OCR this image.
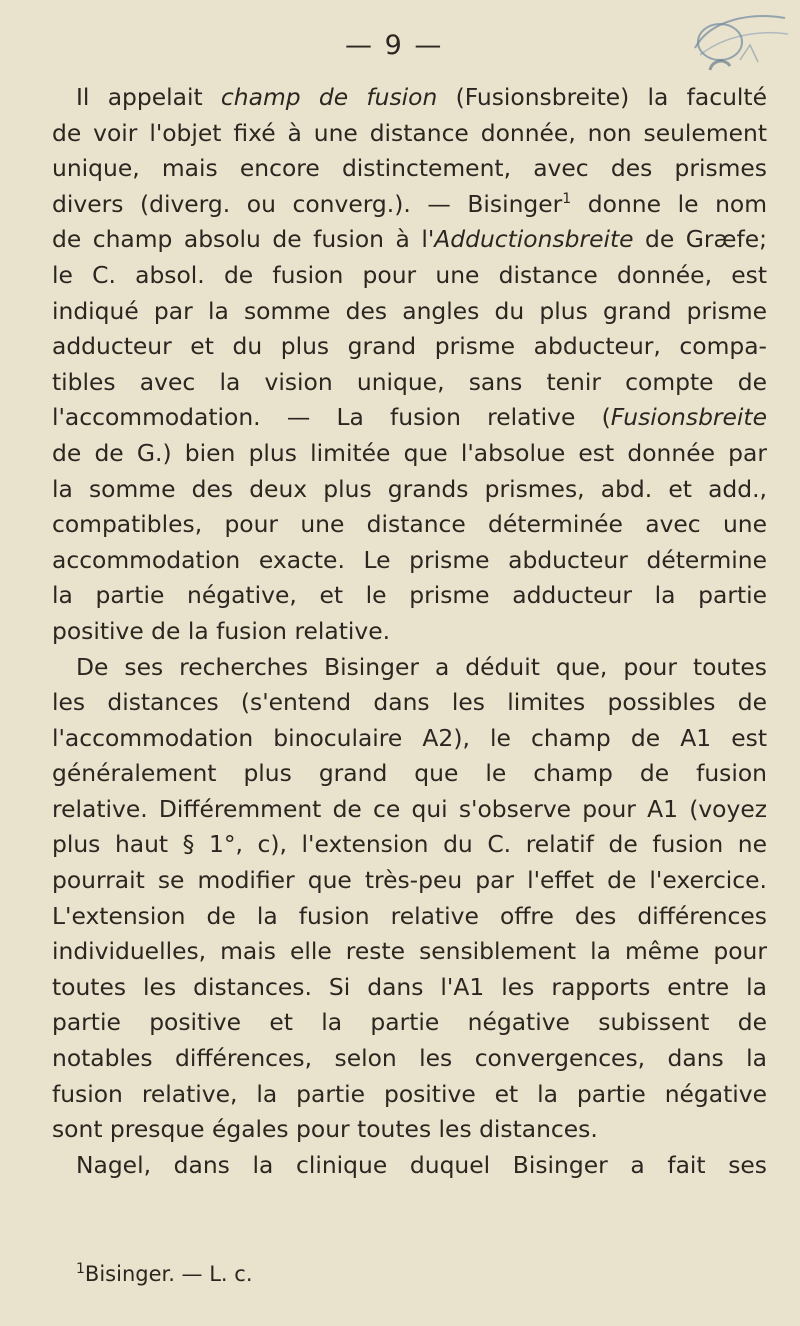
— 9 —
Il appelait champ de fusion (Fusionsbreite) la faculté
de voir l'objet fixé à une distance donnée, non seulement
unique, mais encore distinctement, avec des prismes
divers (diverg. ou converg.). — Bisinger$^1$ donne le nom
de champ absolu de fusion à l'Adductionsbreite de Græfe;
le C. absol. de fusion pour une distance donnée, est
indiqué par la somme des angles du plus grand prisme
adducteur et du plus grand prisme abducteur, compa-
tibles avec la vision unique, sans tenir compte de
l'accommodation. — La fusion relative (Fusionsbreite
de de G.) bien plus limitée que l'absolue est donnée par
la somme des deux plus grands prismes, abd. et add.,
compatibles, pour une distance déterminée avec une
accommodation exacte. Le prisme abducteur détermine
la partie négative, et le prisme adducteur la partie
positive de la fusion relative.
De ses recherches Bisinger a déduit que, pour toutes
les distances (s'entend dans les limites possibles de
l'accommodation binoculaire A2), le champ de A1 est
généralement plus grand que le champ de fusion
relative. Différemment de ce qui s'observe pour A1 (voyez
plus haut § 1°, c), l'extension du C. relatif de fusion ne
pourrait se modifier que très-peu par l'effet de l'exercice.
L'extension de la fusion relative offre des différences
individuelles, mais elle reste sensiblement la même pour
toutes les distances. Si dans l'A1 les rapports entre la
partie positive et la partie négative subissent de
notables différences, selon les convergences, dans la
fusion relative, la partie positive et la partie négative
sont presque égales pour toutes les distances.
Nagel, dans la clinique duquel Bisinger a fait ses
$^1$Bisinger. — L. c.
